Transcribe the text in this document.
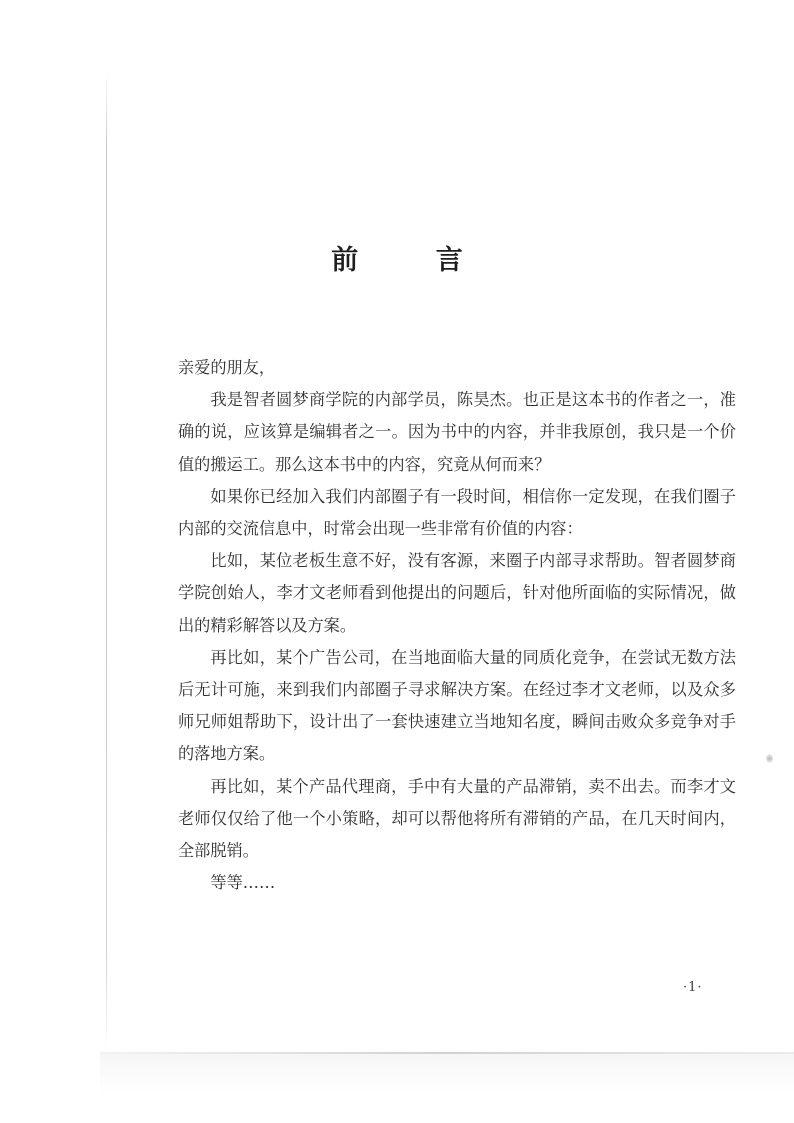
前 言

亲爱的朋友，

我是智者圆梦商学院的内部学员，陈昊杰。也正是这本书的作者之一，准确的说，应该算是编辑者之一。因为书中的内容，并非我原创，我只是一个价值的搬运工。那么这本书中的内容，究竟从何而来？

如果你已经加入我们内部圈子有一段时间，相信你一定发现，在我们圈子内部的交流信息中，时常会出现一些非常有价值的内容：

比如，某位老板生意不好，没有客源，来圈子内部寻求帮助。智者圆梦商学院创始人，李才文老师看到他提出的问题后，针对他所面临的实际情况，做出的精彩解答以及方案。

再比如，某个广告公司，在当地面临大量的同质化竞争，在尝试无数方法后无计可施，来到我们内部圈子寻求解决方案。在经过李才文老师，以及众多师兄师姐帮助下，设计出了一套快速建立当地知名度，瞬间击败众多竞争对手的落地方案。

再比如，某个产品代理商，手中有大量的产品滞销，卖不出去。而李才文老师仅仅给了他一个小策略，却可以帮他将所有滞销的产品，在几天时间内，全部脱销。

等等……

·1·
